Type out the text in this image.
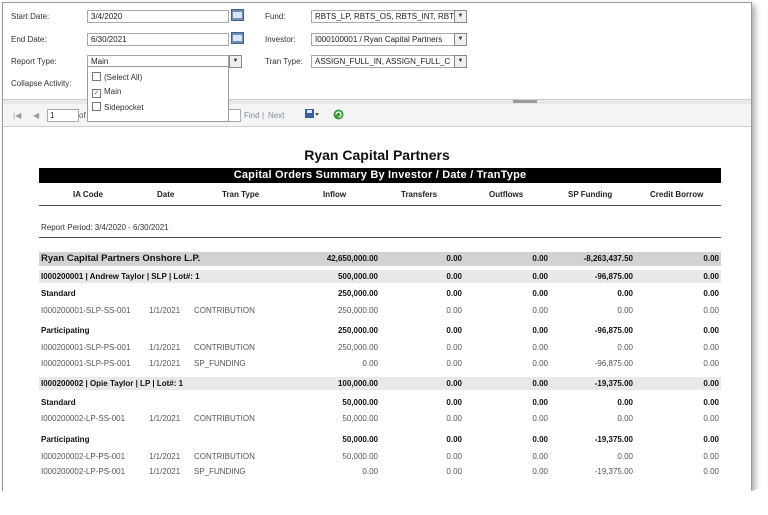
Start Date:	3/4/2020
End Date:	6/30/2021
Report Type:	Main	▼
Collapse Activity:
Fund:	RBTS_LP, RBTS_OS, RBTS_INT, RBT ▼
Investor:	I000100001 / Ryan Capital Partners	▼
Tran Type:	ASSIGN_FULL_IN, ASSIGN_FULL_C	▼
(Select All)
✓ Main
Sidepocket
|◀ ◀	1	of	Find | Next
Ryan Capital Partners
Capital Orders Summary By Investor / Date / TranType
IA Code	Date	Tran Type	Inflow	Transfers	Outflows	SP Funding	Credit Borrow
Report Period: 3/4/2020 - 6/30/2021
Ryan Capital Partners Onshore L.P.	42,650,000.00	0.00	0.00	-8,263,437.50	0.00
I000200001 | Andrew Taylor | SLP | Lot#: 1	500,000.00	0.00	0.00	-96,875.00	0.00
Standard	250,000.00	0.00	0.00	0.00	0.00
I000200001-SLP-SS-001 1/1/2021 CONTRIBUTION	250,000.00	0.00	0.00	0.00	0.00
Participating	250,000.00	0.00	0.00	-96,875.00	0.00
I000200001-SLP-PS-001 1/1/2021 CONTRIBUTION	250,000.00	0.00	0.00	0.00	0.00
I000200001-SLP-PS-001 1/1/2021 SP_FUNDING	0.00	0.00	0.00	-96,875.00	0.00
I000200002 | Opie Taylor | LP | Lot#: 1	100,000.00	0.00	0.00	-19,375.00	0.00
Standard	50,000.00	0.00	0.00	0.00	0.00
I000200002-LP-SS-001	1/1/2021 CONTRIBUTION	50,000.00	0.00	0.00	0.00	0.00
Participating	50,000.00	0.00	0.00	-19,375.00	0.00
I000200002-LP-PS-001	1/1/2021 CONTRIBUTION	50,000.00	0.00	0.00	0.00	0.00
I000200002-LP-PS-001	1/1/2021 SP_FUNDING	0.00	0.00	0.00	-19,375.00	0.00
